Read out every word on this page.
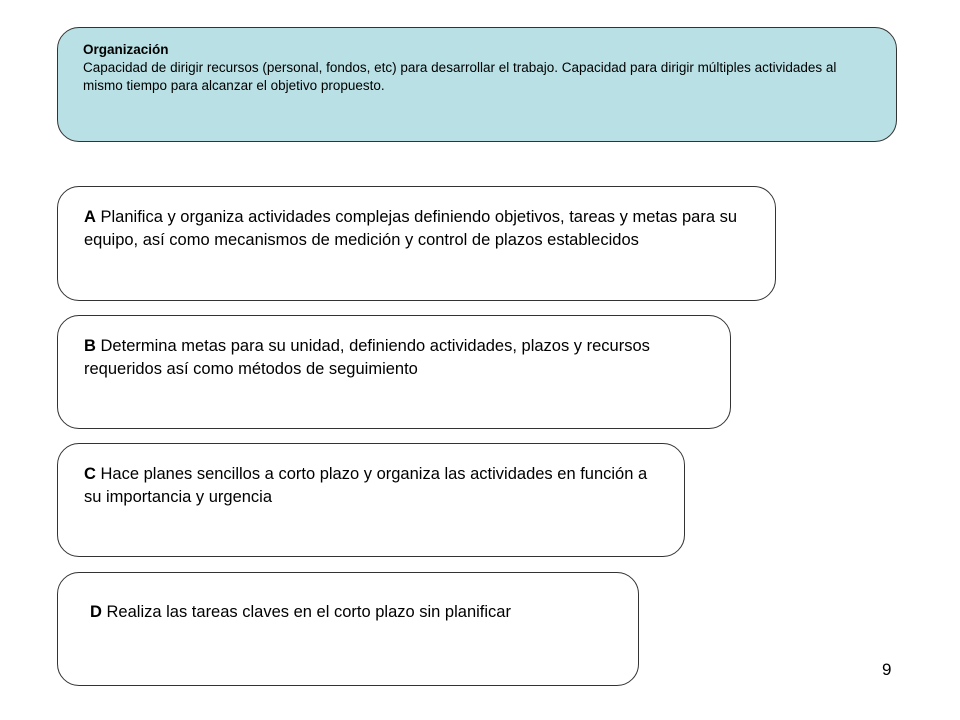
Organización
Capacidad de dirigir recursos (personal, fondos, etc) para desarrollar el trabajo. Capacidad para dirigir múltiples actividades al mismo tiempo para alcanzar el objetivo propuesto.
A Planifica y organiza actividades complejas definiendo objetivos, tareas y metas para su equipo, así como mecanismos de medición y control de plazos establecidos
B Determina metas para su unidad, definiendo actividades, plazos y recursos requeridos así como métodos de seguimiento
C Hace planes sencillos a corto plazo y organiza las actividades en función a su importancia y urgencia
D Realiza las tareas claves en el corto plazo sin planificar
9
